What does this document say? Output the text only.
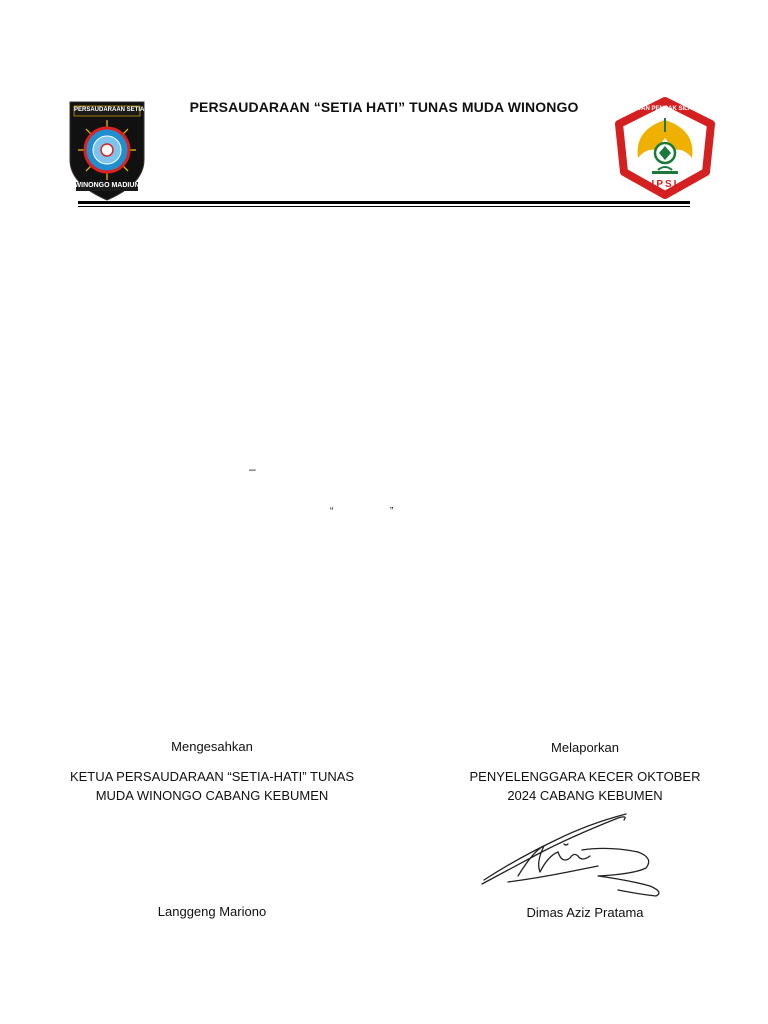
PERSAUDARAAN SETIA HATI
WINONGO MADIUN
PERSAUDARAAN “SETIA HATI” TUNAS MUDA WINONGO	IKATAN PENCAK SILAT INDONESIA
IPSI
–
“	”
Mengesahkan
KETUA PERSAUDARAAN “SETIA-HATI” TUNAS
MUDA WINONGO CABANG KEBUMEN
Langgeng Mariono
Melaporkan
PENYELENGGARA KECER OKTOBER
2024 CABANG KEBUMEN
Dimas Aziz Pratama
